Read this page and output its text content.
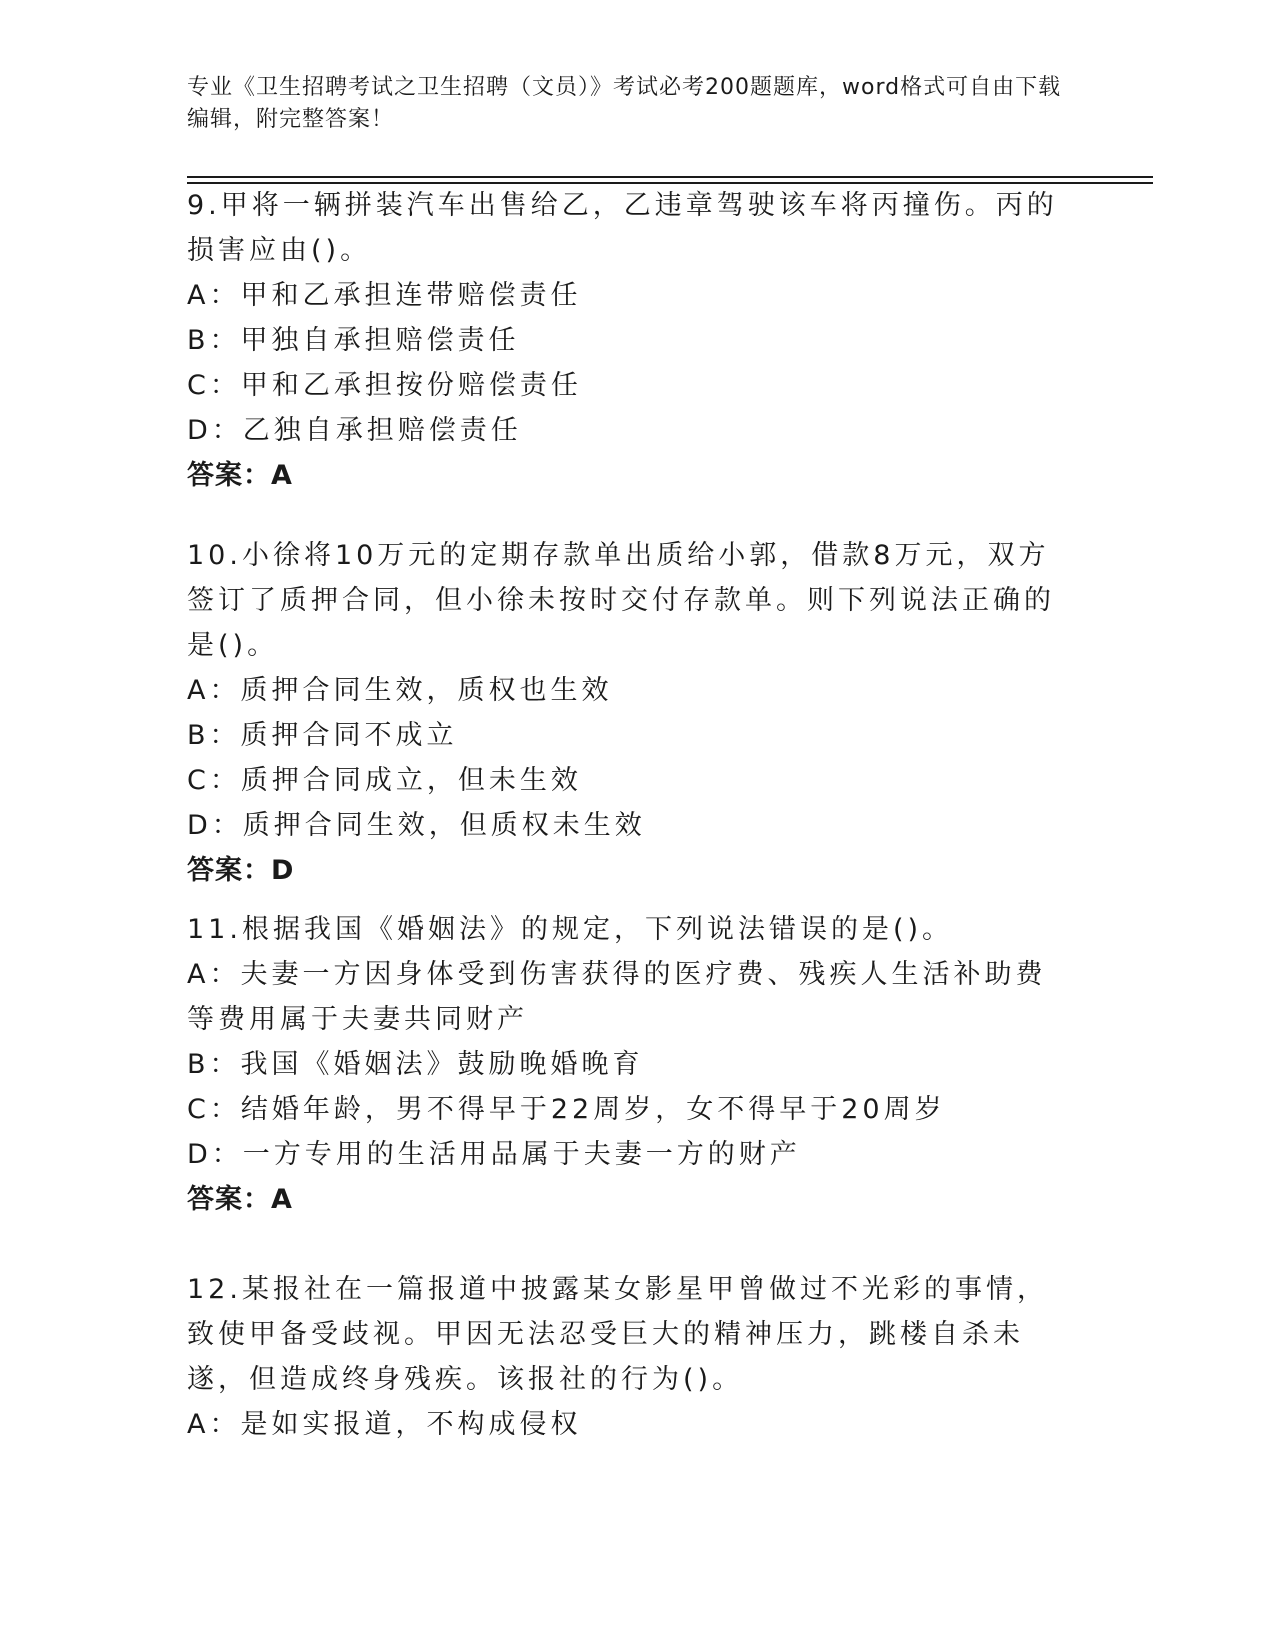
专业《卫生招聘考试之卫生招聘（文员）》考试必考200题题库，word格式可自由下载编辑，附完整答案！
9.甲将一辆拼装汽车出售给乙，乙违章驾驶该车将丙撞伤。丙的损害应由()。
A：甲和乙承担连带赔偿责任
B：甲独自承担赔偿责任
C：甲和乙承担按份赔偿责任
D：乙独自承担赔偿责任
答案：A
10.小徐将10万元的定期存款单出质给小郭，借款8万元，双方签订了质押合同，但小徐未按时交付存款单。则下列说法正确的是()。
A：质押合同生效，质权也生效
B：质押合同不成立
C：质押合同成立，但未生效
D：质押合同生效，但质权未生效
答案：D
11.根据我国《婚姻法》的规定，下列说法错误的是()。
A：夫妻一方因身体受到伤害获得的医疗费、残疾人生活补助费等费用属于夫妻共同财产
B：我国《婚姻法》鼓励晚婚晚育
C：结婚年龄，男不得早于22周岁，女不得早于20周岁
D：一方专用的生活用品属于夫妻一方的财产
答案：A
12.某报社在一篇报道中披露某女影星甲曾做过不光彩的事情，致使甲备受歧视。甲因无法忍受巨大的精神压力，跳楼自杀未遂，但造成终身残疾。该报社的行为()。
A：是如实报道，不构成侵权
